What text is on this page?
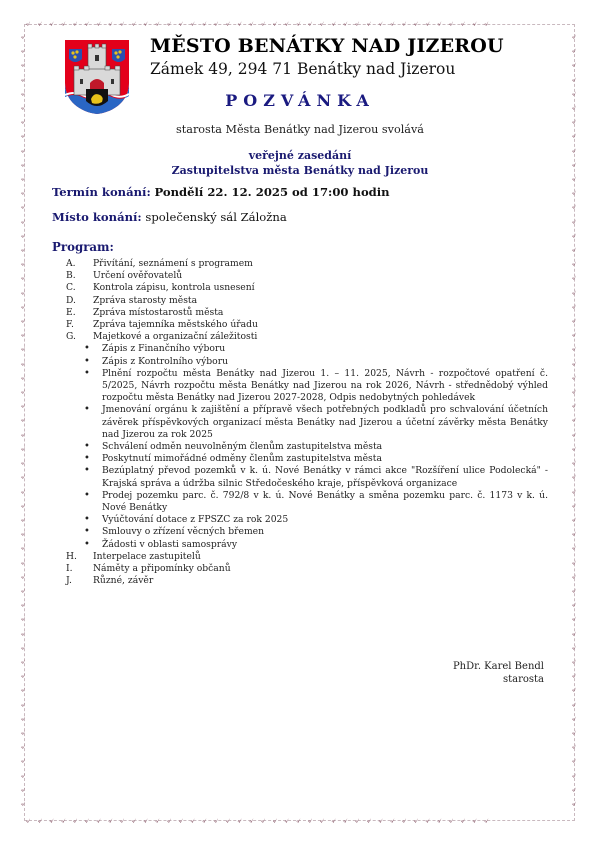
৵৵৵৵৵৵৵৵৵৵৵৵৵৵৵৵৵৵৵৵৵৵৵৵৵৵৵৵৵৵৵৵৵৵৵৵৵৵৵৵
৵৵৵৵৵৵৵৵৵৵৵৵৵৵৵৵৵৵৵৵৵৵৵৵৵৵৵৵৵৵৵৵৵৵৵৵৵৵৵৵
৵৵৵৵৵৵৵৵৵৵৵৵৵৵৵৵৵৵৵৵৵৵৵৵৵৵৵৵৵৵৵৵৵৵৵৵৵৵৵৵৵৵৵৵৵৵৵৵৵৵৵৵৵৵৵
৵৵৵৵৵৵৵৵৵৵৵৵৵৵৵৵৵৵৵৵৵৵৵৵৵৵৵৵৵৵৵৵৵৵৵৵৵৵৵৵৵৵৵৵৵৵৵৵৵৵৵৵৵৵৵
MĚSTO BENÁTKY NAD JIZEROU
Zámek 49, 294 71 Benátky nad Jizerou
POZVÁNKA
starosta Města Benátky nad Jizerou svolává
veřejné zasedání
Zastupitelstva města Benátky nad Jizerou
Termín konání: Pondělí 22. 12. 2025 od 17:00 hodin
Místo konání: společenský sál Záložna
Program:
A.	Přivítání, seznámení s programem
B.	Určení ověřovatelů
C.	Kontrola zápisu, kontrola usnesení
D.	Zpráva starosty města
E.	Zpráva místostarostů města
F.	Zpráva tajemníka městského úřadu
G.	Majetkové a organizační záležitosti
•	Zápis z Finančního výboru
•	Zápis z Kontrolního výboru
•	Plnění rozpočtu města Benátky nad Jizerou 1. – 11. 2025, Návrh - rozpočtové opatření č. 5/2025, Návrh rozpočtu města Benátky nad Jizerou na rok 2026, Návrh - střednědobý výhled rozpočtu města Benátky nad Jizerou 2027-2028, Odpis nedobytných pohledávek
•	Jmenování orgánu k zajištění a přípravě všech potřebných podkladů pro schvalování účetních závěrek příspěvkových organizací města Benátky nad Jizerou a účetní závěrky města Benátky nad Jizerou za rok 2025
•	Schválení odměn neuvolněným členům zastupitelstva města
•	Poskytnutí mimořádné odměny členům zastupitelstva města
•	Bezúplatný převod pozemků v k. ú. Nové Benátky v rámci akce "Rozšíření ulice Podolecká" - Krajská správa a údržba silnic Středočeského kraje, příspěvková organizace
•	Prodej pozemku parc. č. 792/8 v k. ú. Nové Benátky a směna pozemku parc. č. 1173 v k. ú. Nové Benátky
•	Vyúčtování dotace z FPSZC za rok 2025
•	Smlouvy o zřízení věcných břemen
•	Žádosti v oblasti samosprávy
H.	Interpelace zastupitelů
I.	Náměty a připomínky občanů
J.	Různé, závěr
PhDr. Karel Bendl
starosta
